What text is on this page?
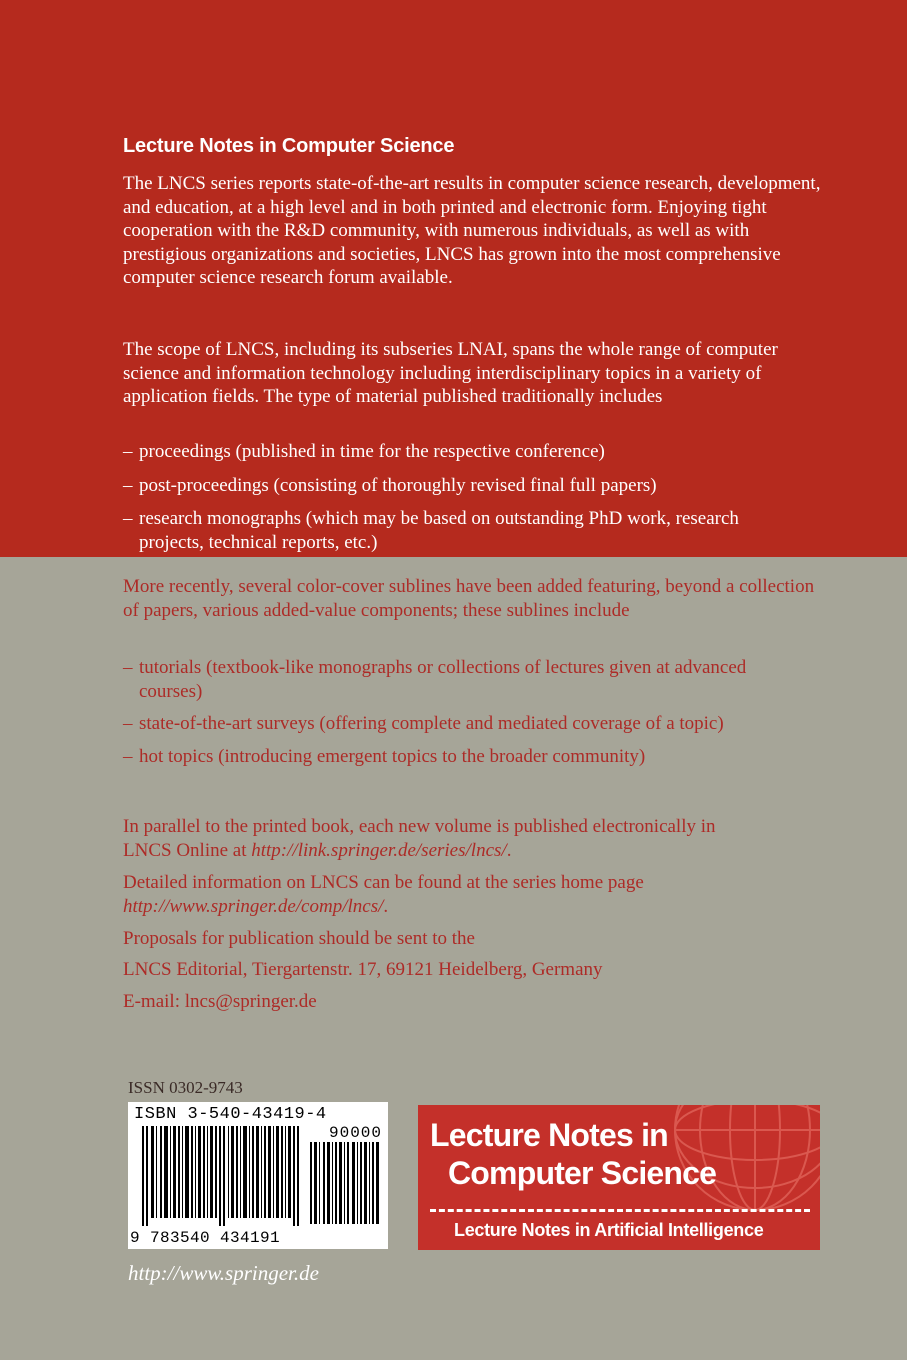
Lecture Notes in Computer Science

The LNCS series reports state-of-the-art results in computer science research, development, and education, at a high level and in both printed and electronic form. Enjoying tight cooperation with the R&D community, with numerous individuals, as well as with prestigious organizations and societies, LNCS has grown into the most comprehensive computer science research forum available.

The scope of LNCS, including its subseries LNAI, spans the whole range of computer science and information technology including interdisciplinary topics in a variety of application fields. The type of material published traditionally includes

– proceedings (published in time for the respective conference)
– post-proceedings (consisting of thoroughly revised final full papers)
– research monographs (which may be based on outstanding PhD work, research projects, technical reports, etc.)

More recently, several color-cover sublines have been added featuring, beyond a collection of papers, various added-value components; these sublines include

– tutorials (textbook-like monographs or collections of lectures given at advanced courses)
– state-of-the-art surveys (offering complete and mediated coverage of a topic)
– hot topics (introducing emergent topics to the broader community)
In parallel to the printed book, each new volume is published electronically in LNCS Online at http://link.springer.de/series/lncs/.
Detailed information on LNCS can be found at the series home page http://www.springer.de/comp/lncs/.
Proposals for publication should be sent to the
LNCS Editorial, Tiergartenstr. 17, 69121 Heidelberg, Germany
E-mail: lncs@springer.de
ISSN 0302-9743
ISBN 3-540-43419-4
90000
9 783540 434191
http://www.springer.de
Lecture Notes in
Computer Science
Lecture Notes in Artificial Intelligence
